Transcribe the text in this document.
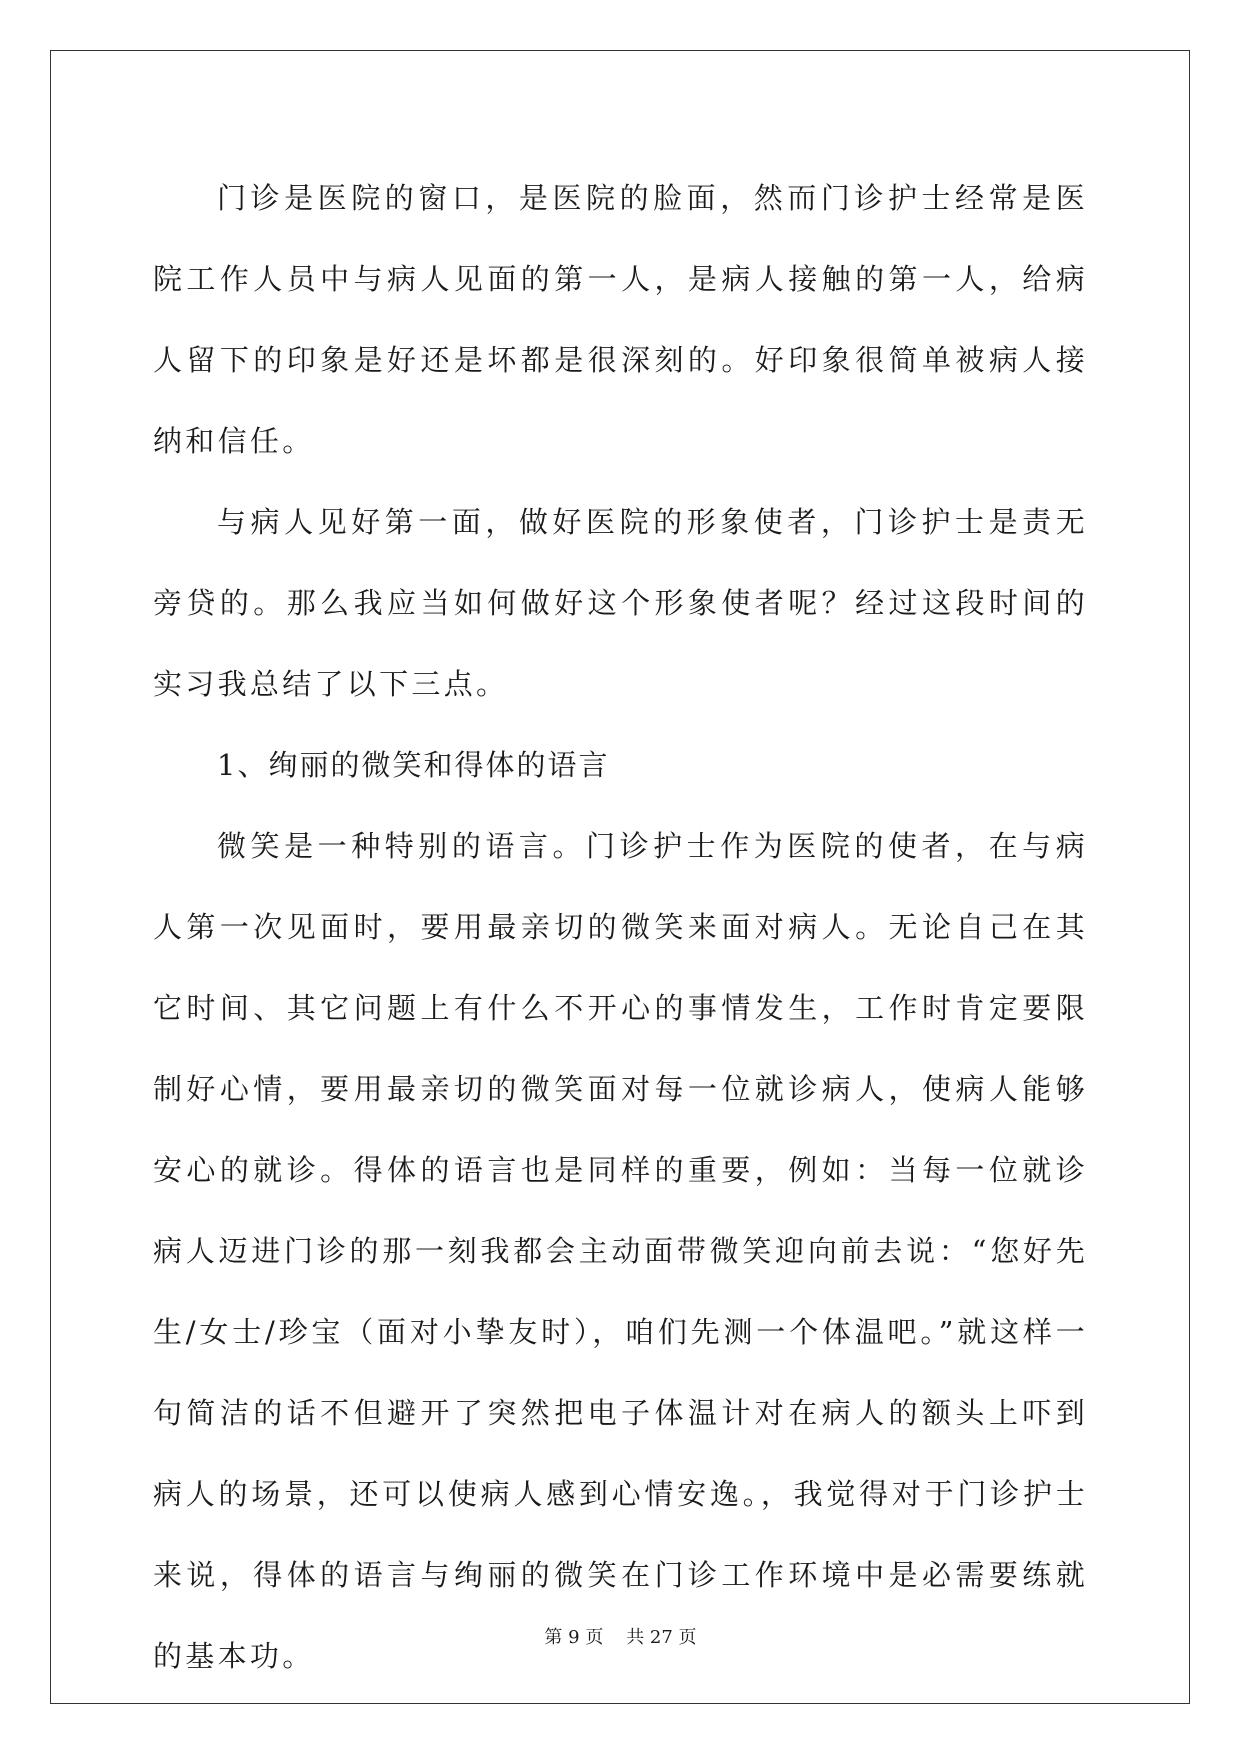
门诊是医院的窗口，是医院的脸面，然而门诊护士经常是医院工作人员中与病人见面的第一人，是病人接触的第一人，给病人留下的印象是好还是坏都是很深刻的。好印象很简单被病人接纳和信任。

与病人见好第一面，做好医院的形象使者，门诊护士是责无旁贷的。那么我应当如何做好这个形象使者呢？经过这段时间的实习我总结了以下三点。

1、绚丽的微笑和得体的语言

微笑是一种特别的语言。门诊护士作为医院的使者，在与病人第一次见面时，要用最亲切的微笑来面对病人。无论自己在其它时间、其它问题上有什么不开心的事情发生，工作时肯定要限制好心情，要用最亲切的微笑面对每一位就诊病人，使病人能够安心的就诊。得体的语言也是同样的重要，例如：当每一位就诊病人迈进门诊的那一刻我都会主动面带微笑迎向前去说：“您好先生/女士/珍宝（面对小挚友时），咱们先测一个体温吧。”就这样一句简洁的话不但避开了突然把电子体温计对在病人的额头上吓到病人的场景，还可以使病人感到心情安逸。，我觉得对于门诊护士来说，得体的语言与绚丽的微笑在门诊工作环境中是必需要练就的基本功。

第 9 页    共 27 页
